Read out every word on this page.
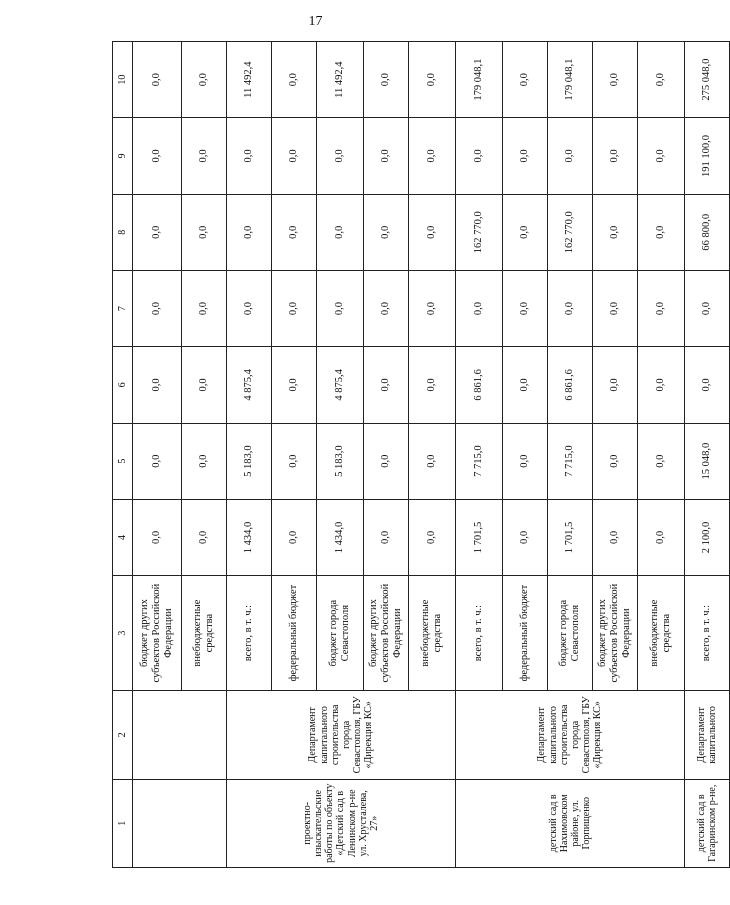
17
1	2	3	4	5	6	7	8	9	10
		бюджет других субъектов Российской Федерации	0,0	0,0	0,0	0,0	0,0	0,0	0,0
		внебюджетные средства	0,0	0,0	0,0	0,0	0,0	0,0	0,0
проектно-изыскательские работы по объекту «Детский сад в Ленинском р-не ул. Хрусталева, 27»	Департамент капитального строительства города Севастополя, ГБУ «Дирекция КС»	всего, в т. ч.:	1 434,0	5 183,0	4 875,4	0,0	0,0	0,0	11 492,4
		федеральный бюджет	0,0	0,0	0,0	0,0	0,0	0,0	0,0
		бюджет города Севастополя	1 434,0	5 183,0	4 875,4	0,0	0,0	0,0	11 492,4
		бюджет других субъектов Российской Федерации	0,0	0,0	0,0	0,0	0,0	0,0	0,0
		внебюджетные средства	0,0	0,0	0,0	0,0	0,0	0,0	0,0
детский сад в Нахимовском районе, ул. Горпищенко	Департамент капитального строительства города Севастополя, ГБУ «Дирекция КС»	всего, в т. ч.:	1 701,5	7 715,0	6 861,6	0,0	162 770,0	0,0	179 048,1
		федеральный бюджет	0,0	0,0	0,0	0,0	0,0	0,0	0,0
		бюджет города Севастополя	1 701,5	7 715,0	6 861,6	0,0	162 770,0	0,0	179 048,1
		бюджет других субъектов Российской Федерации	0,0	0,0	0,0	0,0	0,0	0,0	0,0
		внебюджетные средства	0,0	0,0	0,0	0,0	0,0	0,0	0,0
детский сад в Гагаринском р-не,	Департамент капитального	всего, в т. ч.:	2 100,0	15 048,0	0,0	0,0	66 800,0	191 100,0	275 048,0
